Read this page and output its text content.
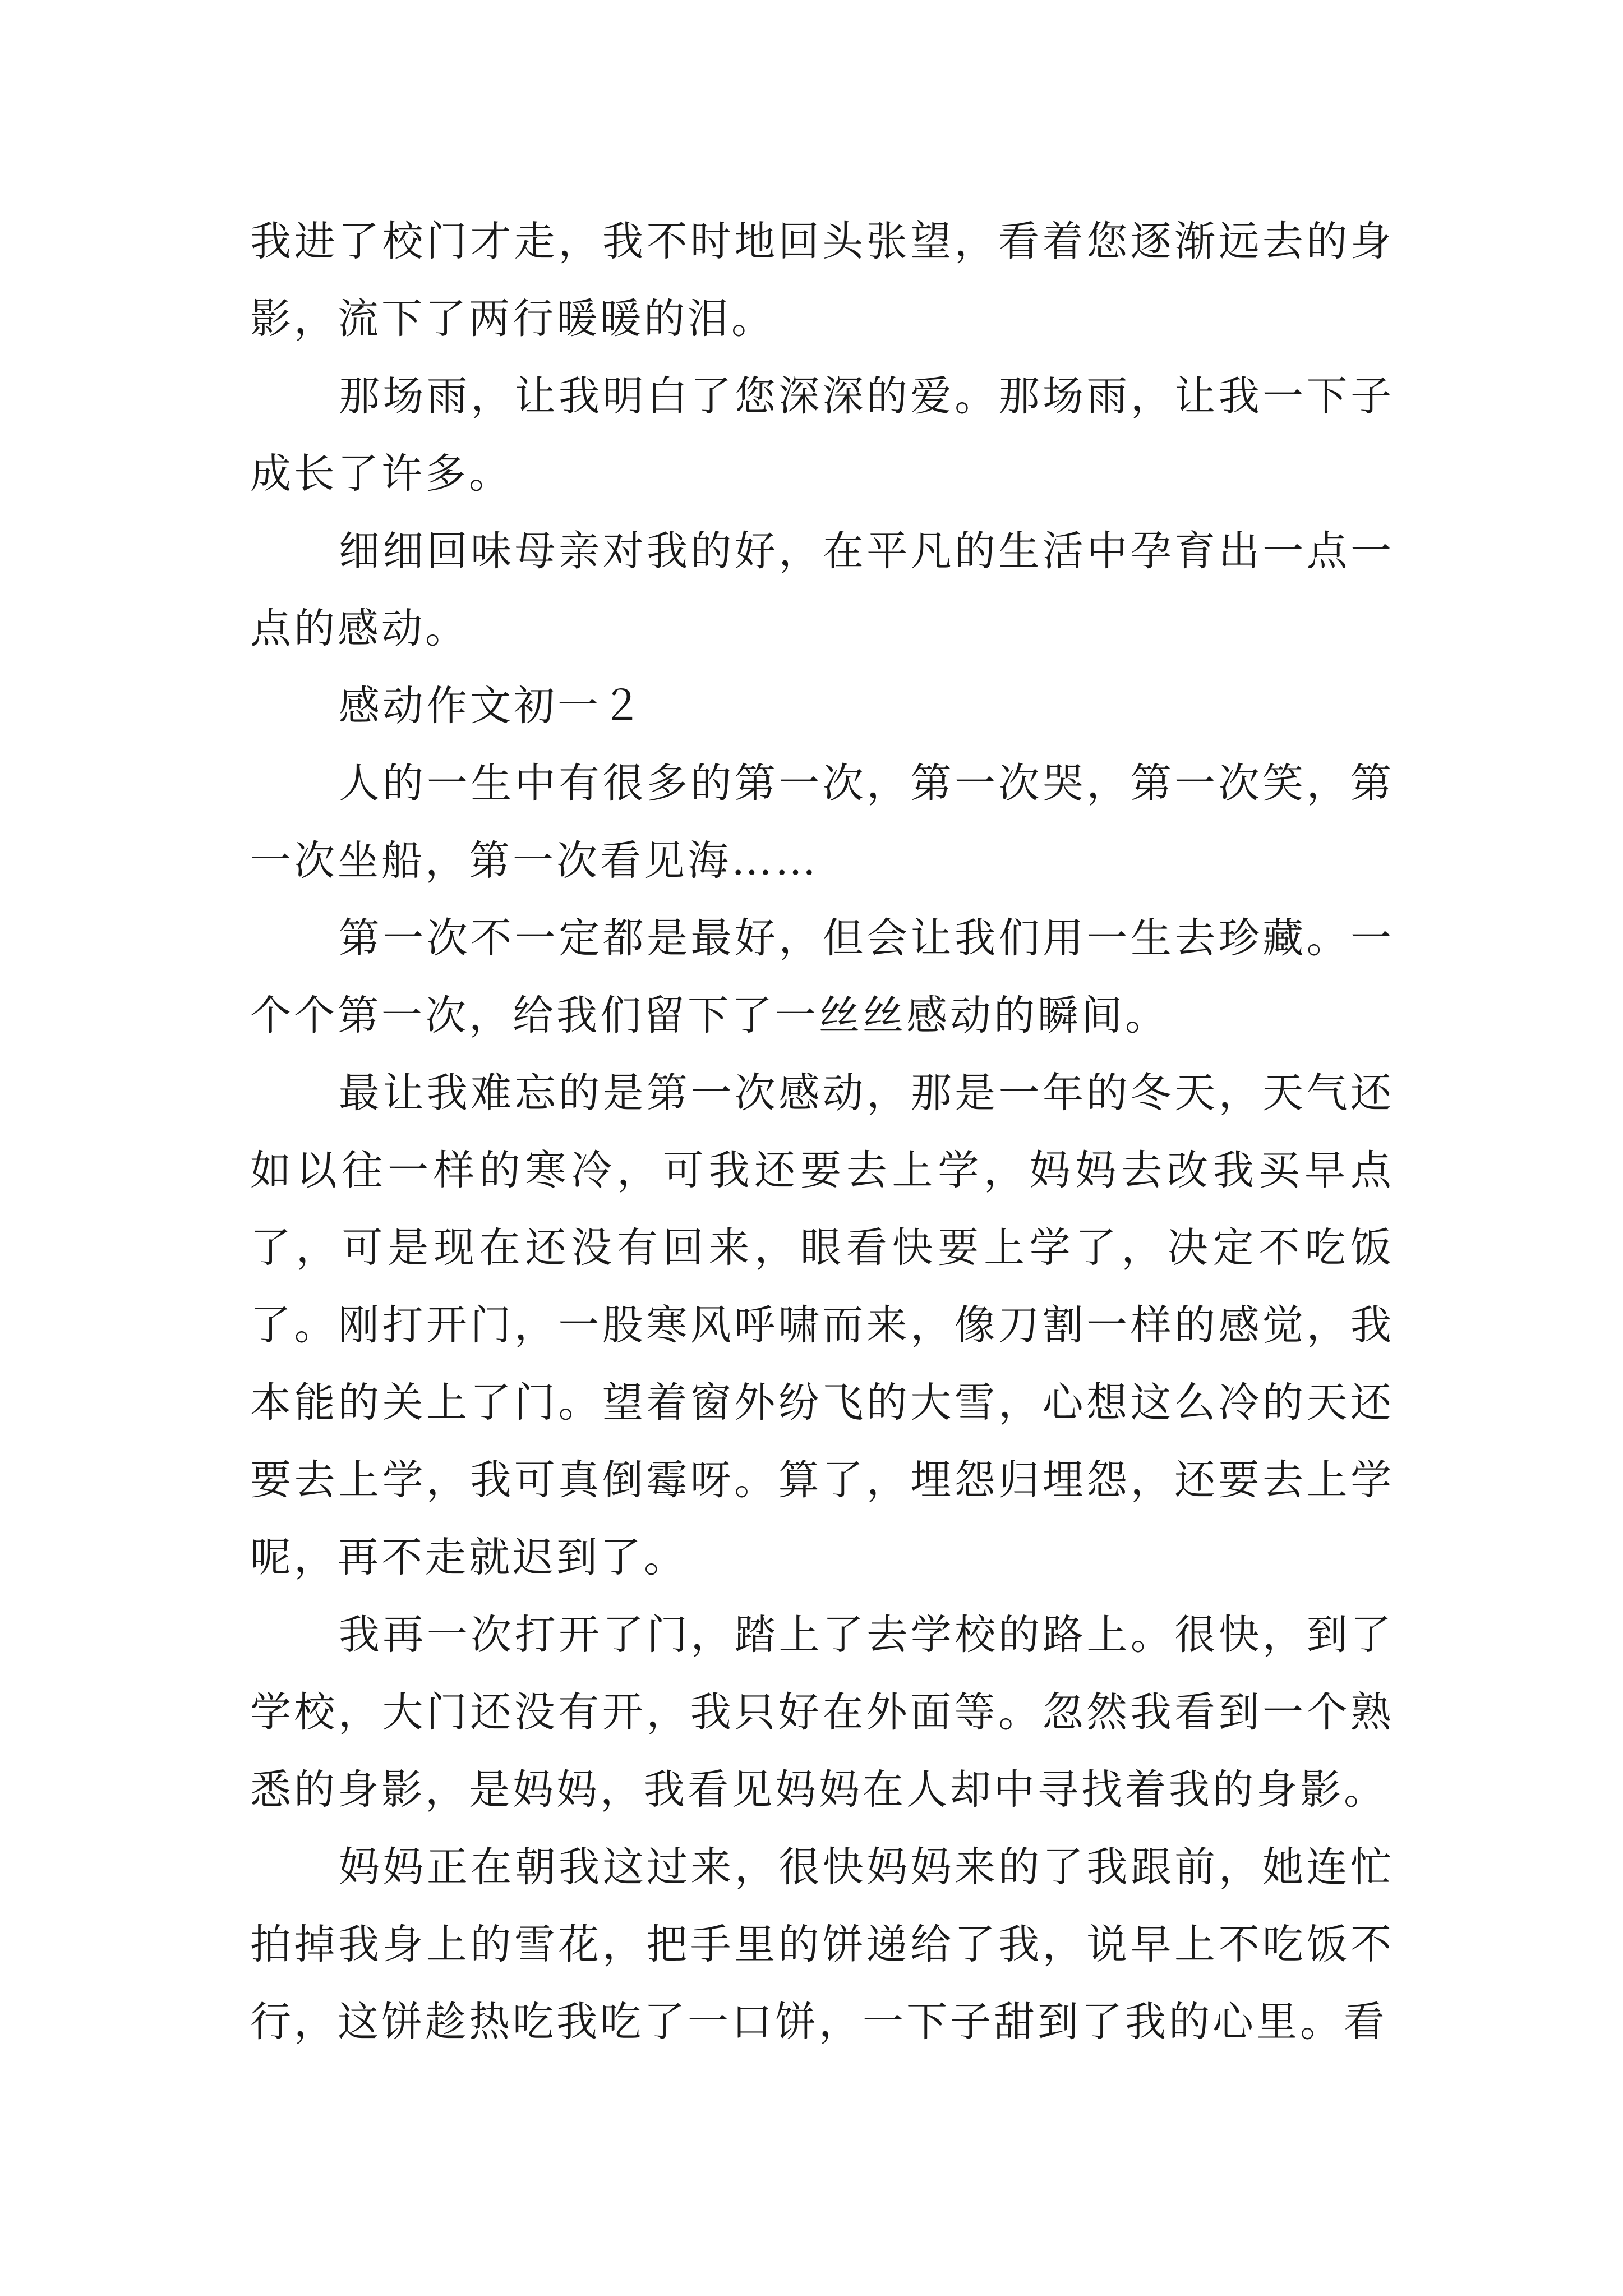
我进了校门才走，我不时地回头张望，看着您逐渐远去的身影，流下了两行暖暖的泪。

那场雨，让我明白了您深深的爱。那场雨，让我一下子成长了许多。

细细回味母亲对我的好，在平凡的生活中孕育出一点一点的感动。

感动作文初一２

人的一生中有很多的第一次，第一次哭，第一次笑，第一次坐船，第一次看见海……

第一次不一定都是最好，但会让我们用一生去珍藏。一个个第一次，给我们留下了一丝丝感动的瞬间。

最让我难忘的是第一次感动，那是一年的冬天，天气还如以往一样的寒冷，可我还要去上学，妈妈去改我买早点了，可是现在还没有回来，眼看快要上学了，决定不吃饭了。刚打开门，一股寒风呼啸而来，像刀割一样的感觉，我本能的关上了门。望着窗外纷飞的大雪，心想这么冷的天还要去上学，我可真倒霉呀。算了，埋怨归埋怨，还要去上学呢，再不走就迟到了。

我再一次打开了门，踏上了去学校的路上。很快，到了学校，大门还没有开，我只好在外面等。忽然我看到一个熟悉的身影，是妈妈，我看见妈妈在人却中寻找着我的身影。

妈妈正在朝我这过来，很快妈妈来的了我跟前，她连忙拍掉我身上的雪花，把手里的饼递给了我，说早上不吃饭不行，这饼趁热吃我吃了一口饼，一下子甜到了我的心里。看
